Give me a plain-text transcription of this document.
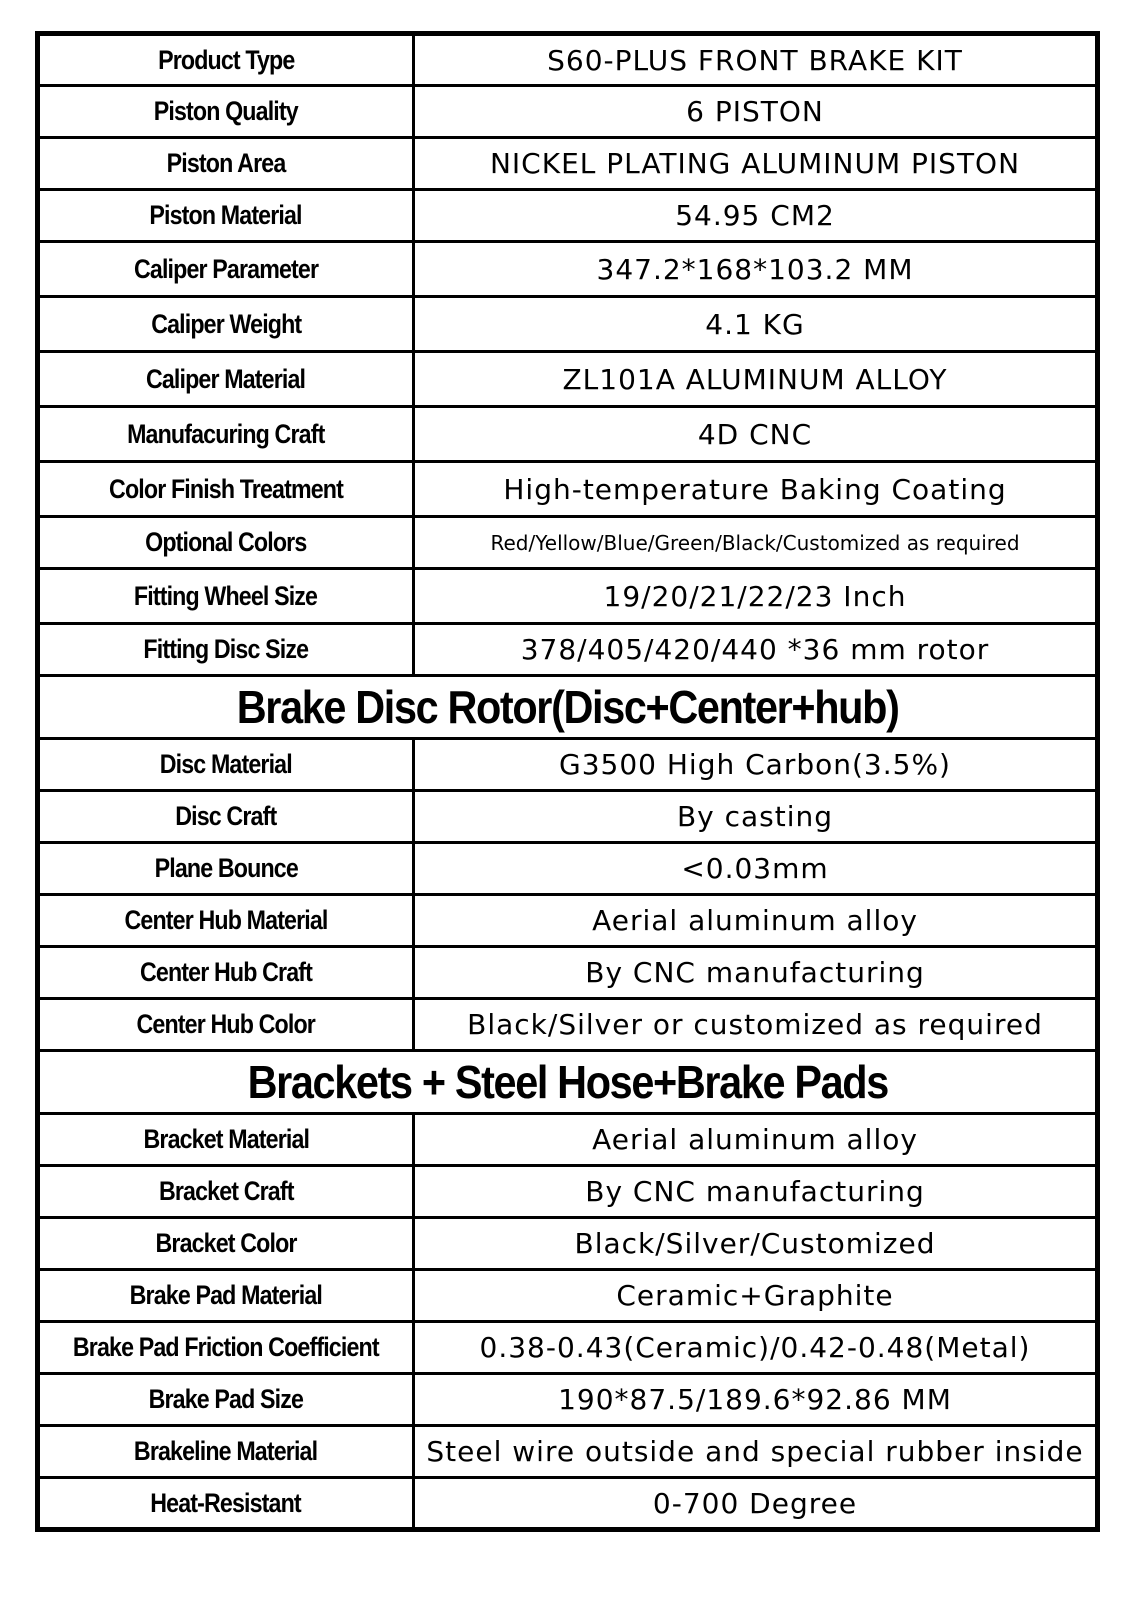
Product Type	S60-PLUS FRONT BRAKE KIT
Piston Quality	6 PISTON
Piston Area	NICKEL PLATING ALUMINUM PISTON
Piston Material	54.95 CM2
Caliper Parameter	347.2*168*103.2 MM
Caliper Weight	4.1 KG
Caliper Material	ZL101A ALUMINUM ALLOY
Manufacuring Craft	4D CNC
Color Finish Treatment	High-temperature Baking Coating
Optional Colors	Red/Yellow/Blue/Green/Black/Customized as required
Fitting Wheel Size	19/20/21/22/23 Inch
Fitting Disc Size	378/405/420/440 *36 mm rotor
Brake Disc Rotor(Disc+Center+hub)	
Disc Material	G3500 High Carbon(3.5%)
Disc Craft	By casting
Plane Bounce	<0.03mm
Center Hub Material	Aerial aluminum alloy
Center Hub Craft	By CNC manufacturing
Center Hub Color	Black/Silver or customized as required
Brackets + Steel Hose+Brake Pads	
Bracket Material	Aerial aluminum alloy
Bracket Craft	By CNC manufacturing
Bracket Color	Black/Silver/Customized
Brake Pad Material	Ceramic+Graphite
Brake Pad Friction Coefficient	0.38-0.43(Ceramic)/0.42-0.48(Metal)
Brake Pad Size	190*87.5/189.6*92.86 MM
Brakeline Material	Steel wire outside and special rubber inside
Heat-Resistant	0-700 Degree
